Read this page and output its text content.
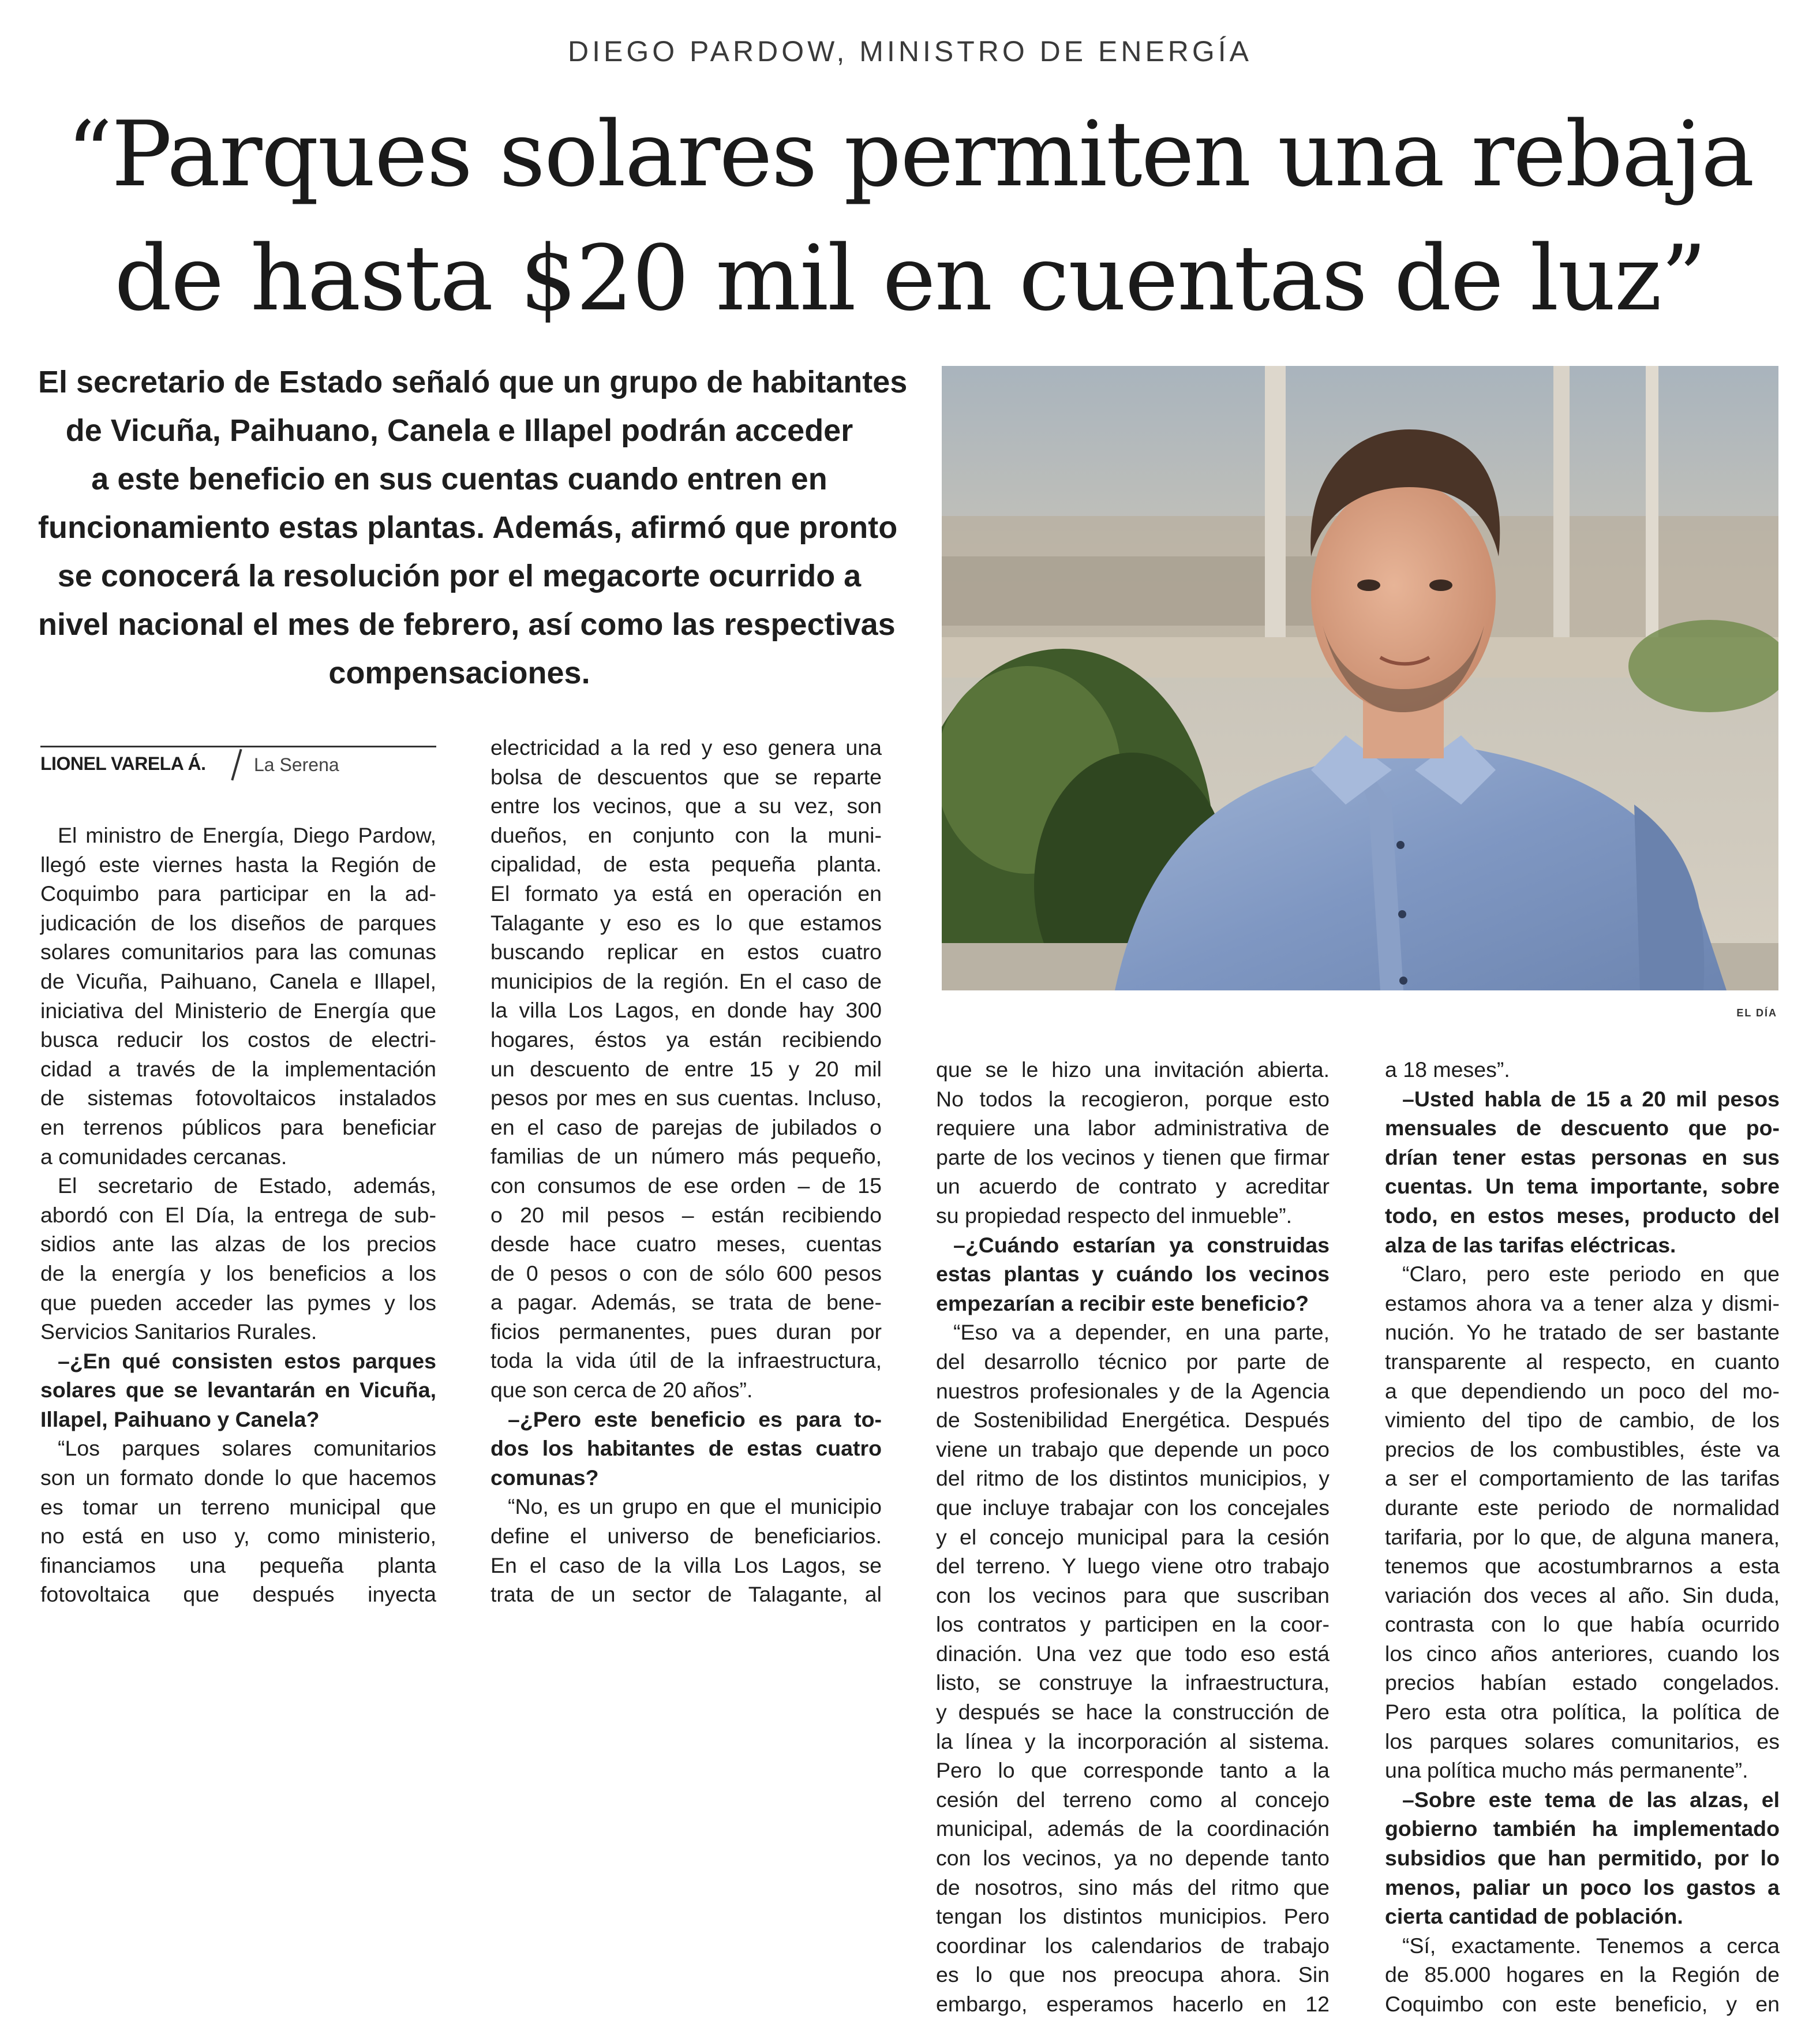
DIEGO PARDOW, MINISTRO DE ENERGÍA
“Parques solares permiten una rebaja
de hasta $20 mil en cuentas de luz”
El secretario de Estado señaló que un grupo de habitantes
de Vicuña, Paihuano, Canela e Illapel podrán acceder
a este beneficio en sus cuentas cuando entren en
funcionamiento estas plantas. Además, afirmó que pronto
se conocerá la resolución por el megacorte ocurrido a
nivel nacional el mes de febrero, así como las respectivas
compensaciones.
EL DÍA
LIONEL VARELA Á.	La Serena
El ministro de Energía, Diego Pardow,
llegó este viernes hasta la Región de
Coquimbo para participar en la ad-
judicación de los diseños de parques
solares comunitarios para las comunas
de Vicuña, Paihuano, Canela e Illapel,
iniciativa del Ministerio de Energía que
busca reducir los costos de electri-
cidad a través de la implementación
de sistemas fotovoltaicos instalados
en terrenos públicos para beneficiar
a comunidades cercanas.
El secretario de Estado, además,
abordó con El Día, la entrega de sub-
sidios ante las alzas de los precios
de la energía y los beneficios a los
que pueden acceder las pymes y los
Servicios Sanitarios Rurales.
–¿En qué consisten estos parques
solares que se levantarán en Vicuña,
Illapel, Paihuano y Canela?
“Los parques solares comunitarios
son un formato donde lo que hacemos
es tomar un terreno municipal que
no está en uso y, como ministerio,
financiamos una pequeña planta
fotovoltaica que después inyecta
electricidad a la red y eso genera una
bolsa de descuentos que se reparte
entre los vecinos, que a su vez, son
dueños, en conjunto con la muni-
cipalidad, de esta pequeña planta.
El formato ya está en operación en
Talagante y eso es lo que estamos
buscando replicar en estos cuatro
municipios de la región. En el caso de
la villa Los Lagos, en donde hay 300
hogares, éstos ya están recibiendo
un descuento de entre 15 y 20 mil
pesos por mes en sus cuentas. Incluso,
en el caso de parejas de jubilados o
familias de un número más pequeño,
con consumos de ese orden – de 15
o 20 mil pesos – están recibiendo
desde hace cuatro meses, cuentas
de 0 pesos o con de sólo 600 pesos
a pagar. Además, se trata de bene-
ficios permanentes, pues duran por
toda la vida útil de la infraestructura,
que son cerca de 20 años”.
–¿Pero este beneficio es para to-
dos los habitantes de estas cuatro
comunas?
“No, es un grupo en que el municipio
define el universo de beneficiarios.
En el caso de la villa Los Lagos, se
trata de un sector de Talagante, al
que se le hizo una invitación abierta.
No todos la recogieron, porque esto
requiere una labor administrativa de
parte de los vecinos y tienen que firmar
un acuerdo de contrato y acreditar
su propiedad respecto del inmueble”.
–¿Cuándo estarían ya construidas
estas plantas y cuándo los vecinos
empezarían a recibir este beneficio?
“Eso va a depender, en una parte,
del desarrollo técnico por parte de
nuestros profesionales y de la Agencia
de Sostenibilidad Energética. Después
viene un trabajo que depende un poco
del ritmo de los distintos municipios, y
que incluye trabajar con los concejales
y el concejo municipal para la cesión
del terreno. Y luego viene otro trabajo
con los vecinos para que suscriban
los contratos y participen en la coor-
dinación. Una vez que todo eso está
listo, se construye la infraestructura,
y después se hace la construcción de
la línea y la incorporación al sistema.
Pero lo que corresponde tanto a la
cesión del terreno como al concejo
municipal, además de la coordinación
con los vecinos, ya no depende tanto
de nosotros, sino más del ritmo que
tengan los distintos municipios. Pero
coordinar los calendarios de trabajo
es lo que nos preocupa ahora. Sin
embargo, esperamos hacerlo en 12
a 18 meses”.
–Usted habla de 15 a 20 mil pesos
mensuales de descuento que po-
drían tener estas personas en sus
cuentas. Un tema importante, sobre
todo, en estos meses, producto del
alza de las tarifas eléctricas.
“Claro, pero este periodo en que
estamos ahora va a tener alza y dismi-
nución. Yo he tratado de ser bastante
transparente al respecto, en cuanto
a que dependiendo un poco del mo-
vimiento del tipo de cambio, de los
precios de los combustibles, éste va
a ser el comportamiento de las tarifas
durante este periodo de normalidad
tarifaria, por lo que, de alguna manera,
tenemos que acostumbrarnos a esta
variación dos veces al año. Sin duda,
contrasta con lo que había ocurrido
los cinco años anteriores, cuando los
precios habían estado congelados.
Pero esta otra política, la política de
los parques solares comunitarios, es
una política mucho más permanente”.
–Sobre este tema de las alzas, el
gobierno también ha implementado
subsidios que han permitido, por lo
menos, paliar un poco los gastos a
cierta cantidad de población.
“Sí, exactamente. Tenemos a cerca
de 85.000 hogares en la Región de
Coquimbo con este beneficio, y en
